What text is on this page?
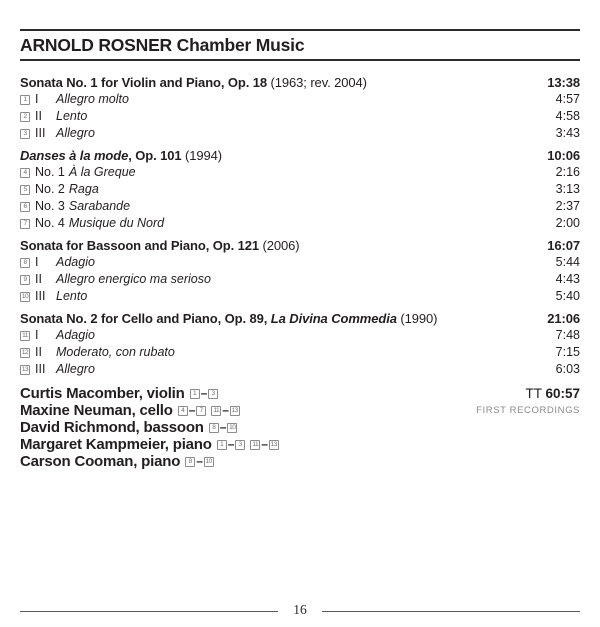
ARNOLD ROSNER Chamber Music
Sonata No. 1 for Violin and Piano, Op. 18 (1963; rev. 2004)	13:38
1 I	Allegro molto	4:57
2 II	Lento	4:58
3 III Allegro	3:43
Danses à la mode , Op. 101 (1994)	10:06
4 No. 1 À la Greque	2:16
5 No. 2 Raga	3:13
6 No. 3 Sarabande	2:37
7 No. 4 Musique du Nord	2:00
Sonata for Bassoon and Piano, Op. 121 (2006)	16:07
8 I	Adagio	5:44
9 II	Allegro energico ma serioso	4:43
10 III Lento	5:40
Sonata No. 2 for Cello and Piano, Op. 89, La Divina Commedia (1990)	21:06
11 I	Adagio	7:48
12 II	Moderato, con rubato	7:15
13 III Allegro	6:03
Curtis Macomber, violin	1 – 3
Maxine Neuman, cello	4 – 7	11 – 13
David Richmond, bassoon	8 – 10
Margaret Kampmeier, piano	1 – 3	11 – 13
Carson Cooman, piano	8 – 10
TT 60:57
FIRST RECORDINGS
16
